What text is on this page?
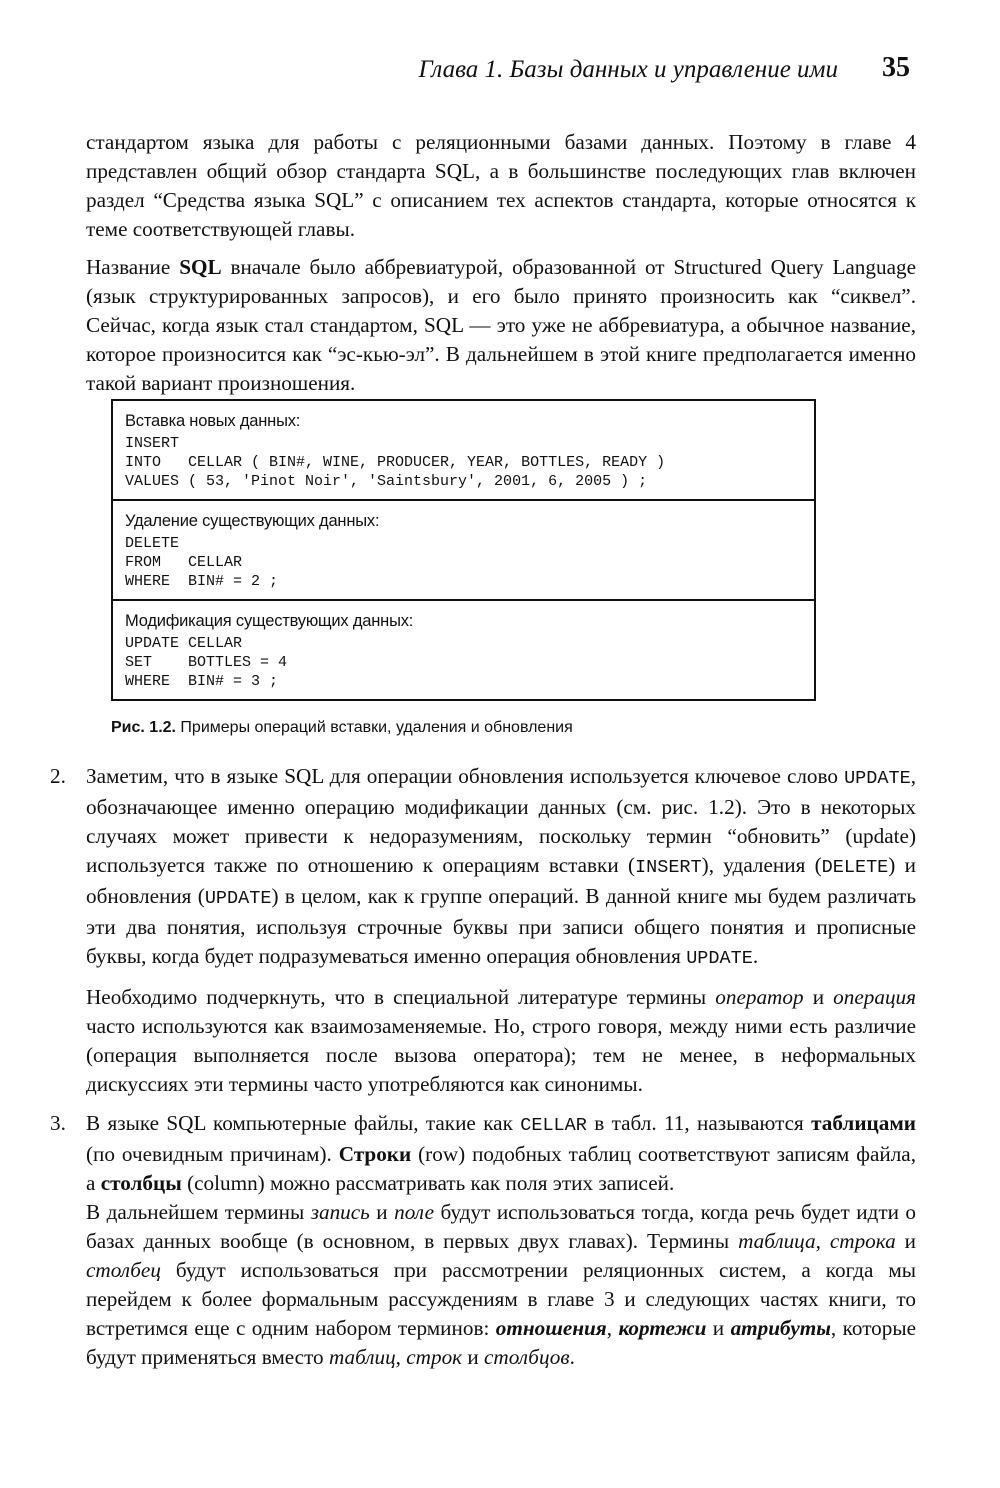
Глава 1. Базы данных и управление ими 35

стандартом языка для работы с реляционными базами данных. Поэтому в главе 4 представлен общий обзор стандарта SQL, а в большинстве последующих глав включен раздел “Средства языка SQL” с описанием тех аспектов стандарта, которые относятся к теме соответствующей главы.

Название SQL вначале было аббревиатурой, образованной от Structured Query Language (язык структурированных запросов), и его было принято произносить как “сиквел”. Сейчас, когда язык стал стандартом, SQL — это уже не аббревиатура, а обычное название, которое произносится как “эс-кью-эл”. В дальнейшем в этой книге предполагается именно такой вариант произношения.

Вставка новых данных:
INSERT
INTO   CELLAR ( BIN#, WINE, PRODUCER, YEAR, BOTTLES, READY )
VALUES ( 53, 'Pinot Noir', 'Saintsbury', 2001, 6, 2005 ) ;
Удаление существующих данных:
DELETE
FROM   CELLAR
WHERE  BIN# = 2 ;
Модификация существующих данных:
UPDATE CELLAR
SET    BOTTLES = 4
WHERE  BIN# = 3 ;
Рис. 1.2. Примеры операций вставки, удаления и обновления
2. Заметим, что в языке SQL для операции обновления используется ключевое слово UPDATE, обозначающее именно операцию модификации данных (см. рис. 1.2). Это в некоторых случаях может привести к недоразумениям, поскольку термин “обновить” (update) используется также по отношению к операциям вставки (INSERT), удаления (DELETE) и обновления (UPDATE) в целом, как к группе операций. В данной книге мы будем различать эти два понятия, используя строчные буквы при записи общего понятия и прописные буквы, когда будет подразумеваться именно операция обновления UPDATE.

Необходимо подчеркнуть, что в специальной литературе термины оператор и операция часто используются как взаимозаменяемые. Но, строго говоря, между ними есть различие (операция выполняется после вызова оператора); тем не менее, в неформальных дискуссиях эти термины часто употребляются как синонимы.

3. В языке SQL компьютерные файлы, такие как CELLAR в табл. 11, называются таблицами (по очевидным причинам). Строки (row) подобных таблиц соответствуют записям файла, а столбцы (column) можно рассматривать как поля этих записей.

В дальнейшем термины запись и поле будут использоваться тогда, когда речь будет идти о базах данных вообще (в основном, в первых двух главах). Термины таблица, строка и столбец будут использоваться при рассмотрении реляционных систем, а когда мы перейдем к более формальным рассуждениям в главе 3 и следующих частях книги, то встретимся еще с одним набором терминов: отношения, кортежи и атрибуты, которые будут применяться вместо таблиц, строк и столбцов.
